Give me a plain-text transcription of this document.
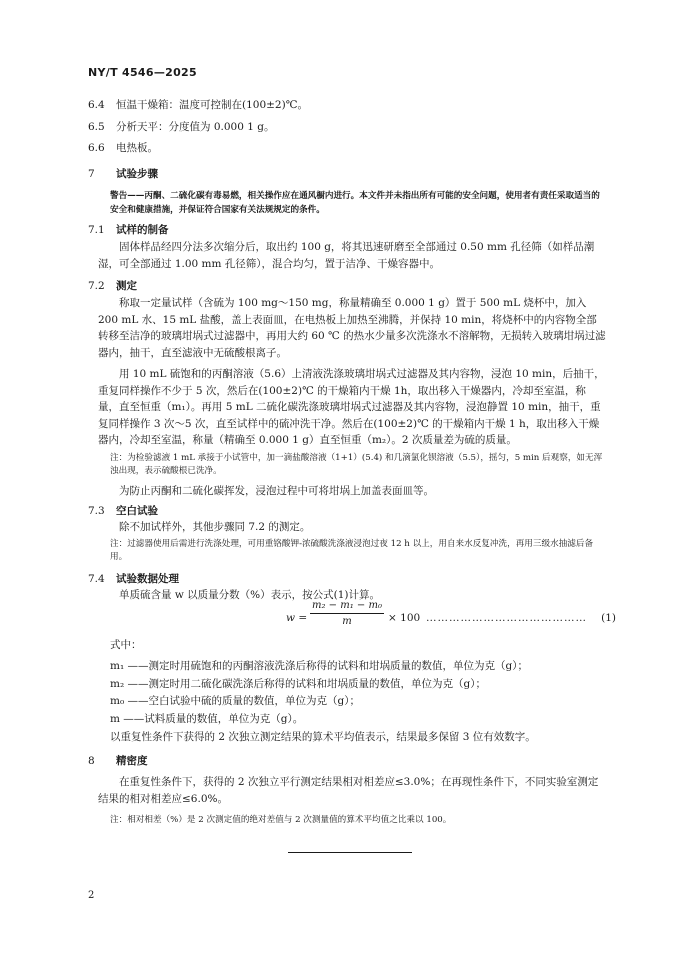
NY/T 4546—2025
6.4 恒温干燥箱：温度可控制在(100±2)℃。
6.5 分析天平：分度值为 0.000 1 g。
6.6 电热板。
7 试验步骤
警告——丙酮、二硫化碳有毒易燃，相关操作应在通风橱内进行。本文件并未指出所有可能的安全问题，使用者有责任采取适当的安全和健康措施，并保证符合国家有关法规规定的条件。
7.1 试样的制备
固体样品经四分法多次缩分后，取出约 100 g，将其迅速研磨至全部通过 0.50 mm 孔径筛（如样品潮湿，可全部通过 1.00 mm 孔径筛），混合均匀，置于洁净、干燥容器中。
7.2 测定
称取一定量试样（含硫为 100 mg～150 mg，称量精确至 0.000 1 g）置于 500 mL 烧杯中，加入 200 mL 水、15 mL 盐酸，盖上表面皿，在电热板上加热至沸腾，并保持 10 min，将烧杯中的内容物全部转移至洁净的玻璃坩埚式过滤器中，再用大约 60 ℃ 的热水少量多次洗涤水不溶解物，无损转入玻璃坩埚过滤器内，抽干，直至滤液中无硫酸根离子。
用 10 mL 硫饱和的丙酮溶液（5.6）上清液洗涤玻璃坩埚式过滤器及其内容物，浸泡 10 min，后抽干，重复同样操作不少于 5 次，然后在(100±2)℃ 的干燥箱内干燥 1h，取出移入干燥器内，冷却至室温，称量，直至恒重（m₁）。再用 5 mL 二硫化碳洗涤玻璃坩埚式过滤器及其内容物，浸泡静置 10 min，抽干，重复同样操作 3 次～5 次，直至试样中的硫冲洗干净。然后在(100±2)℃ 的干燥箱内干燥 1 h，取出移入干燥器内，冷却至室温，称量（精确至 0.000 1 g）直至恒重（m₂）。2 次质量差为硫的质量。
注：为检验滤液 1 mL 承接于小试管中，加一滴盐酸溶液（1+1）(5.4) 和几滴氯化钡溶液（5.5），摇匀，5 min 后观察，如无浑浊出现，表示硫酸根已洗净。
为防止丙酮和二硫化碳挥发，浸泡过程中可将坩埚上加盖表面皿等。
7.3 空白试验
除不加试样外，其他步骤同 7.2 的测定。
注：过滤器使用后需进行洗涤处理，可用重铬酸钾-浓硫酸洗涤液浸泡过夜 12 h 以上，用自来水反复冲洗，再用三级水抽滤后备用。
7.4 试验数据处理
单质硫含量 w 以质量分数（%）表示，按公式(1)计算。
w =
m₂ − m₁ − m₀
m	× 100 …………………………………… (1)
式中：
m₁ ——测定时用硫饱和的丙酮溶液洗涤后称得的试料和坩埚质量的数值，单位为克（g）；
m₂ ——测定时用二硫化碳洗涤后称得的试料和坩埚质量的数值，单位为克（g）；
m₀ ——空白试验中硫的质量的数值，单位为克（g）；
m ——试料质量的数值，单位为克（g）。
以重复性条件下获得的 2 次独立测定结果的算术平均值表示，结果最多保留 3 位有效数字。
8 精密度
在重复性条件下，获得的 2 次独立平行测定结果相对相差应≤3.0%；在再现性条件下，不同实验室测定结果的相对相差应≤6.0%。
注：相对相差（%）是 2 次测定值的绝对差值与 2 次测量值的算术平均值之比乘以 100。
2
